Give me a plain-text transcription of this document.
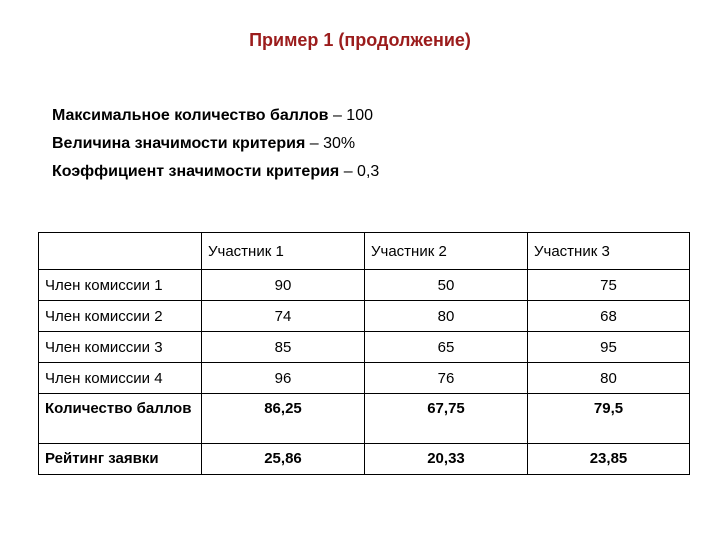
Пример 1 (продолжение)
Максимальное количество баллов – 100
Величина значимости критерия – 30%
Коэффициент значимости критерия – 0,3
	Участник 1	Участник 2	Участник 3
Член комиссии 1	90	50	75
Член комиссии 2	74	80	68
Член комиссии 3	85	65	95
Член комиссии 4	96	76	80
Количество баллов	86,25	67,75	79,5
Рейтинг заявки	25,86	20,33	23,85
